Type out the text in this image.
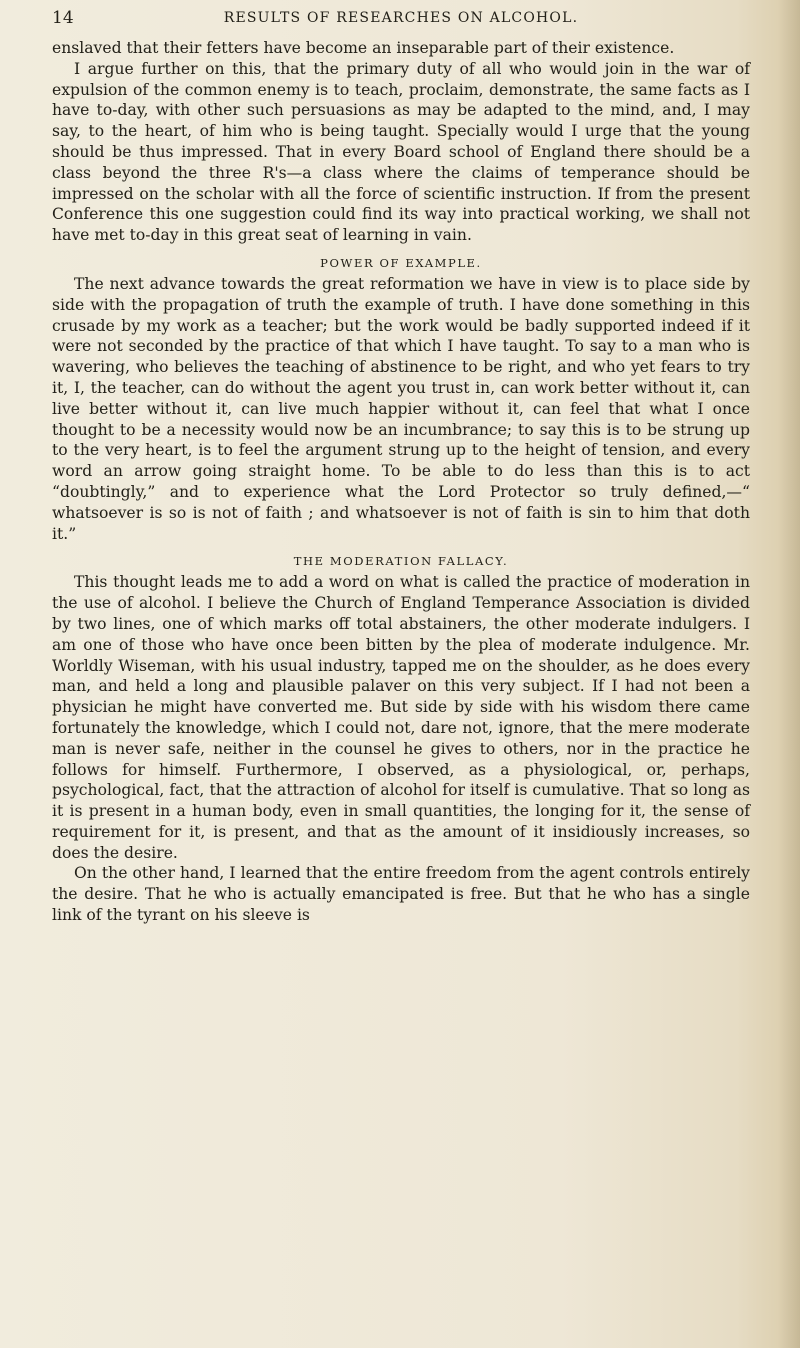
14	RESULTS OF RESEARCHES ON ALCOHOL.

enslaved that their fetters have become an inseparable part of their existence.

I argue further on this, that the primary duty of all who would join in the war of expulsion of the common enemy is to teach, proclaim, demonstrate, the same facts as I have to-day, with other such persuasions as may be adapted to the mind, and, I may say, to the heart, of him who is being taught. Specially would I urge that the young should be thus impressed. That in every Board school of England there should be a class beyond the three R's—a class where the claims of temperance should be impressed on the scholar with all the force of scientific instruction. If from the present Conference this one suggestion could find its way into practical working, we shall not have met to-day in this great seat of learning in vain.

POWER OF EXAMPLE.

The next advance towards the great reformation we have in view is to place side by side with the propagation of truth the example of truth. I have done something in this crusade by my work as a teacher; but the work would be badly supported indeed if it were not seconded by the practice of that which I have taught. To say to a man who is wavering, who believes the teaching of abstinence to be right, and who yet fears to try it, I, the teacher, can do without the agent you trust in, can work better without it, can live better without it, can live much happier without it, can feel that what I once thought to be a necessity would now be an incumbrance; to say this is to be strung up to the very heart, is to feel the argument strung up to the height of tension, and every word an arrow going straight home. To be able to do less than this is to act “doubtingly,” and to experience what the Lord Protector so truly defined,—“ whatsoever is so is not of faith ; and whatsoever is not of faith is sin to him that doth it.”

THE MODERATION FALLACY.

This thought leads me to add a word on what is called the practice of moderation in the use of alcohol. I believe the Church of England Temperance Association is divided by two lines, one of which marks off total abstainers, the other moderate indulgers. I am one of those who have once been bitten by the plea of moderate indulgence. Mr. Worldly Wiseman, with his usual industry, tapped me on the shoulder, as he does every man, and held a long and plausible palaver on this very subject. If I had not been a physician he might have converted me. But side by side with his wisdom there came fortunately the knowledge, which I could not, dare not, ignore, that the mere moderate man is never safe, neither in the counsel he gives to others, nor in the practice he follows for himself. Furthermore, I observed, as a physiological, or, perhaps, psychological, fact, that the attraction of alcohol for itself is cumulative. That so long as it is present in a human body, even in small quantities, the longing for it, the sense of requirement for it, is present, and that as the amount of it insidiously increases, so does the desire.

On the other hand, I learned that the entire freedom from the agent controls entirely the desire. That he who is actually emancipated is free. But that he who has a single link of the tyrant on his sleeve is
